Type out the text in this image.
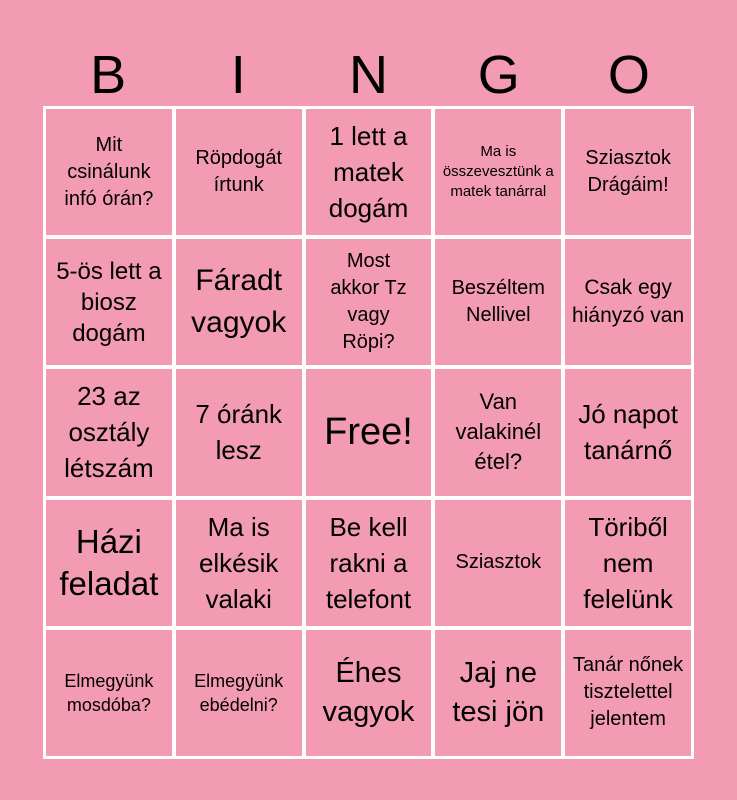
B	I	N	G	O
Mit csinálunk infó órán?
Röpdogát írtunk
1 lett a matek dogám
Ma is összevesztünk a matek tanárral
Sziasztok Drágáim!
5-ös lett a biosz dogám
Fáradt vagyok
Most akkor Tz vagy Röpi?
Beszéltem Nellivel
Csak egy hiányzó van
23 az osztály létszám
7 óránk lesz	Free!
Van valakinél étel?
Jó napot tanárnő
Házi feladat
Ma is elkésik valaki
Be kell rakni a telefont
Sziasztok
Töriből nem felelünk
Elmegyünk mosdóba?
Elmegyünk ebédelni?
Éhes vagyok
Jaj ne tesi jön
Tanár nőnek tisztelettel jelentem
